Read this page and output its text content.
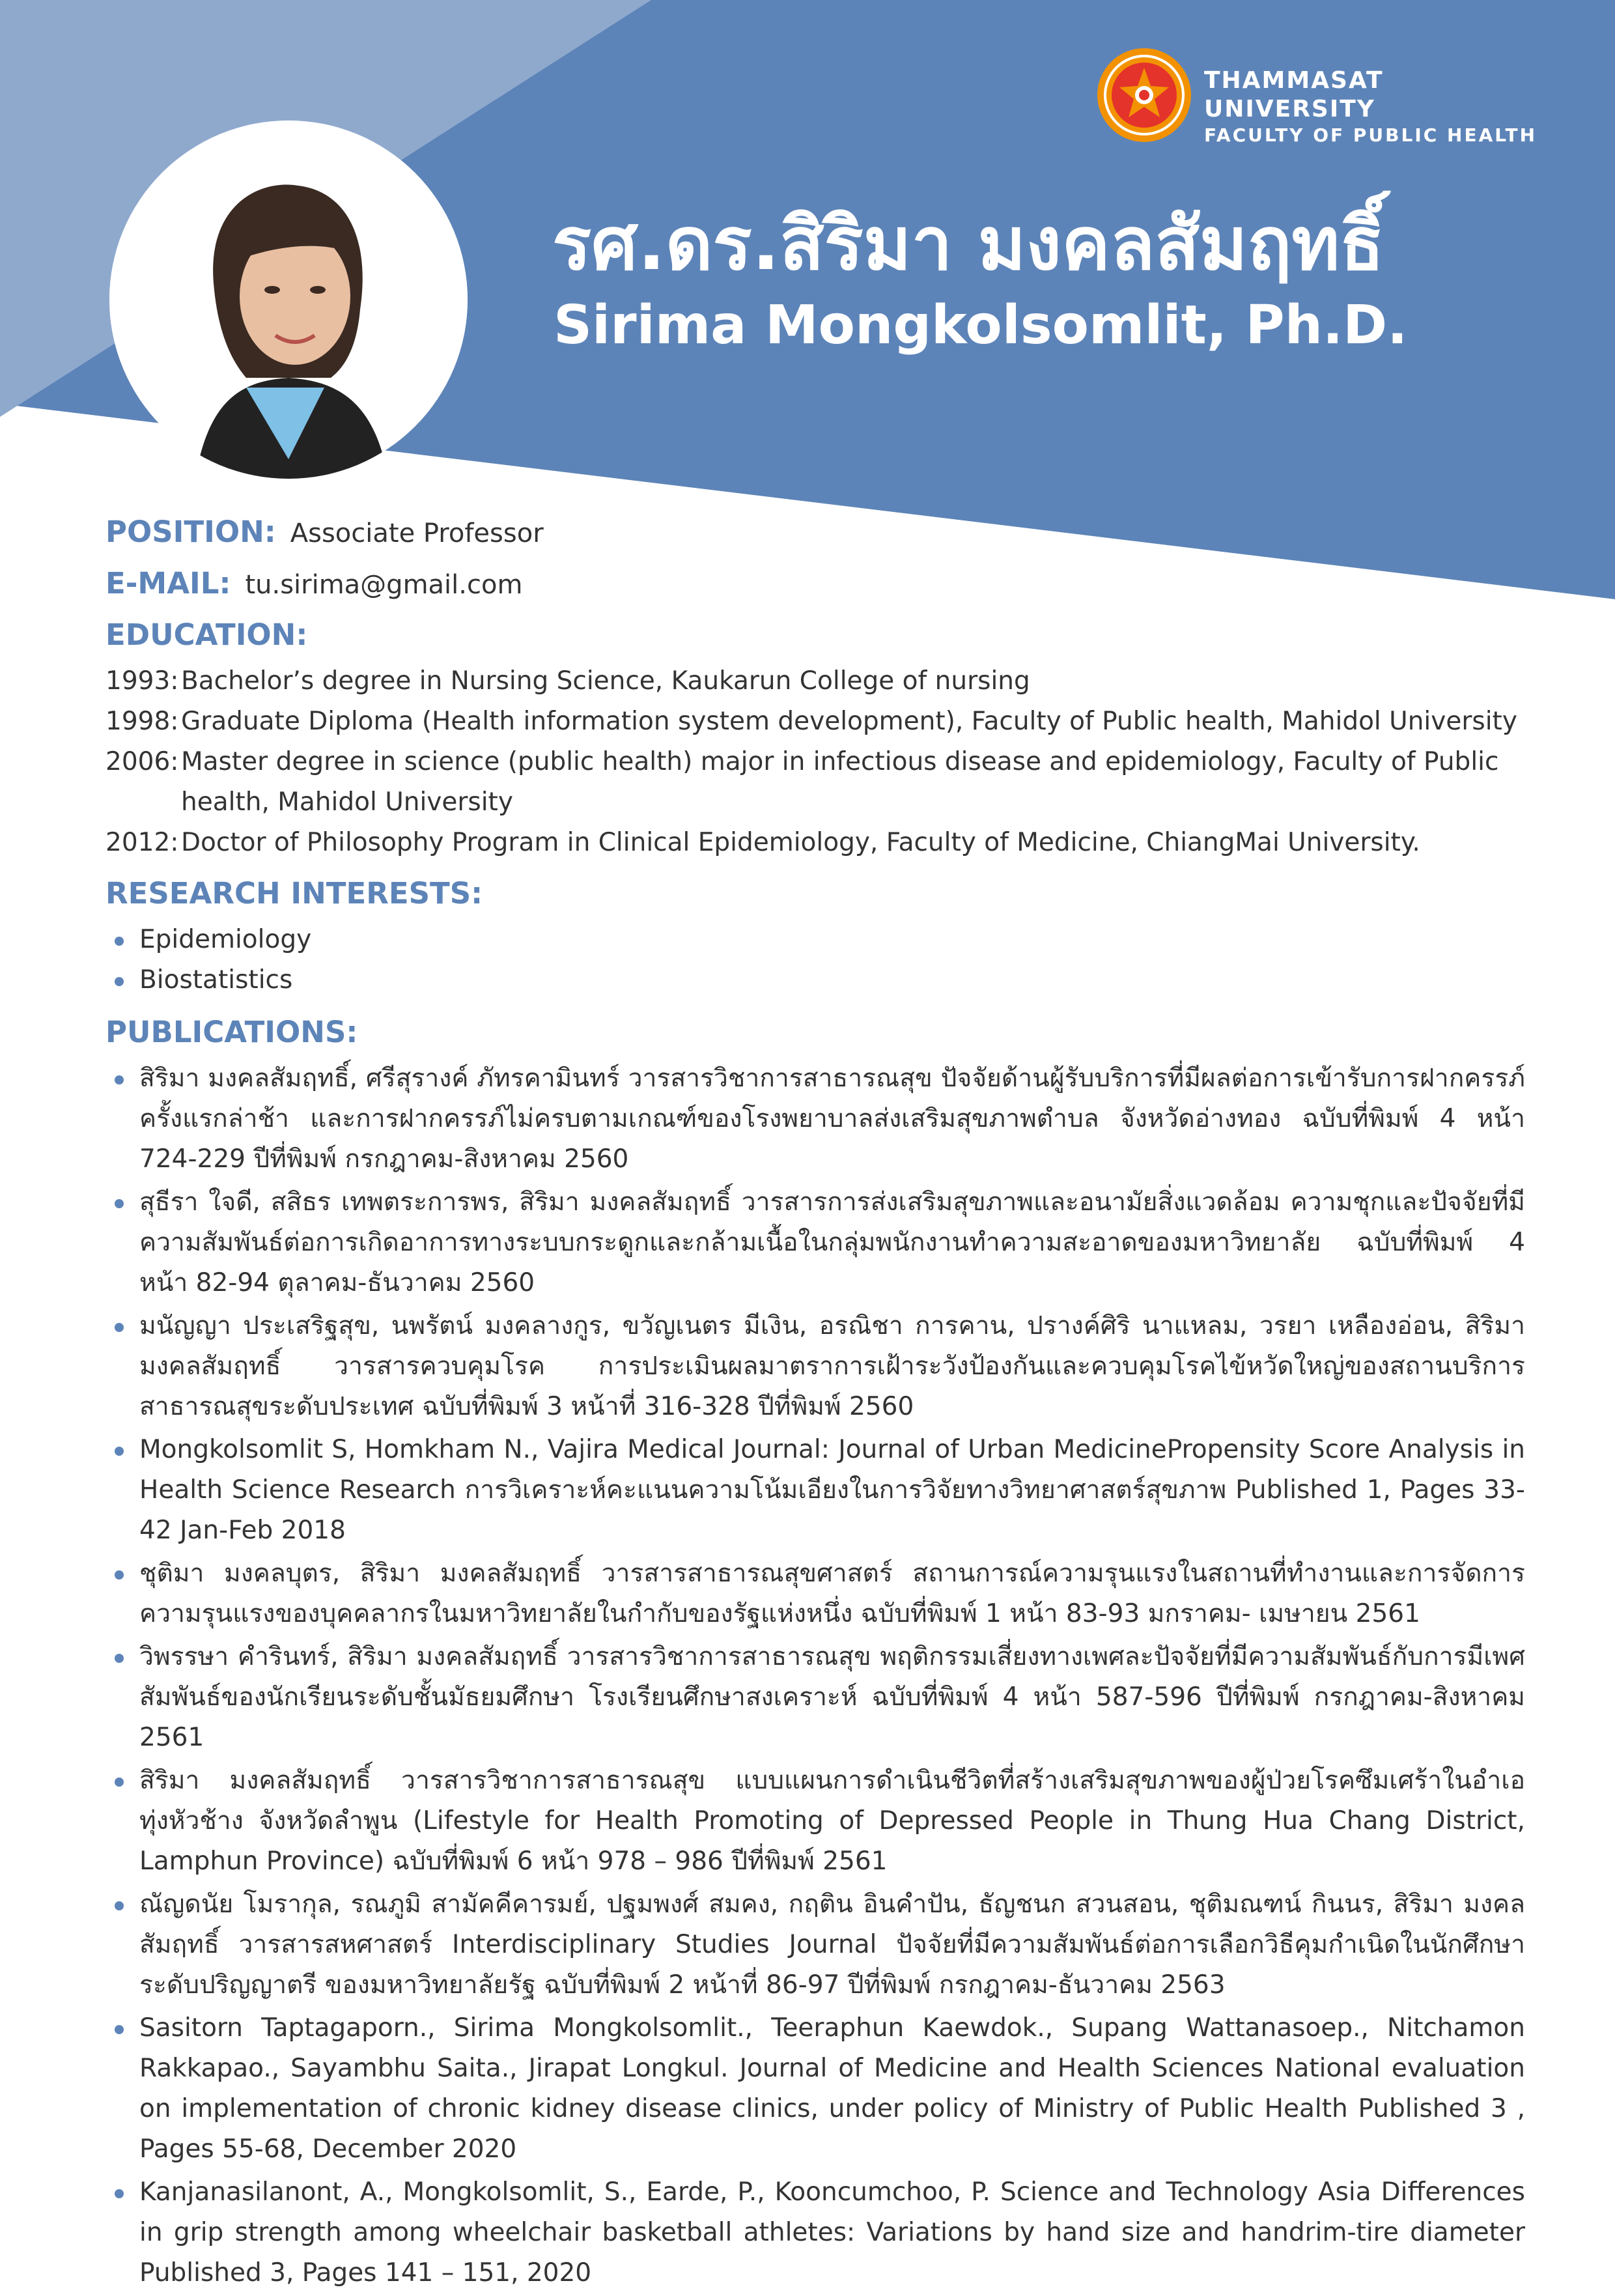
THAMMASAT UNIVERSITY
FACULTY OF PUBLIC HEALTH
รศ.ดร.สิริมา มงคลสัมฤทธิ์
Sirima Mongkolsomlit, Ph.D.
POSITION: Associate Professor
E-MAIL: tu.sirima@gmail.com
EDUCATION:
1993: Bachelor’s degree in Nursing Science, Kaukarun College of nursing
1998: Graduate Diploma (Health information system development), Faculty of Public health, Mahidol University
2006: Master degree in science (public health) major in infectious disease and epidemiology, Faculty of Public health, Mahidol University
2012: Doctor of Philosophy Program in Clinical Epidemiology, Faculty of Medicine, ChiangMai University.
RESEARCH INTERESTS:
Epidemiology
Biostatistics
PUBLICATIONS:
สิริมา มงคลสัมฤทธิ์, ศรีสุรางค์ ภัทรคามินทร์ วารสารวิชาการสาธารณสุข ปัจจัยด้านผู้รับบริการที่มีผลต่อการเข้ารับการฝากครรภ์ครั้งแรกล่าช้า และการฝากครรภ์ไม่ครบตามเกณฑ์ของโรงพยาบาลส่งเสริมสุขภาพตำบล จังหวัดอ่างทอง ฉบับที่พิมพ์ 4 หน้า 724-229 ปีที่พิมพ์ กรกฎาคม-สิงหาคม 2560
สุธีรา ใจดี, สสิธร เทพตระการพร, สิริมา มงคลสัมฤทธิ์ วารสารการส่งเสริมสุขภาพและอนามัยสิ่งแวดล้อม ความชุกและปัจจัยที่มีความสัมพันธ์ต่อการเกิดอาการทางระบบกระดูกและกล้ามเนื้อในกลุ่มพนักงานทำความสะอาดของมหาวิทยาลัย ฉบับที่พิมพ์ 4 หน้า 82-94 ตุลาคม-ธันวาคม 2560
มนัญญา ประเสริฐสุข, นพรัตน์ มงคลางกูร, ขวัญเนตร มีเงิน, อรณิชา การคาน, ปรางค์ศิริ นาแหลม, วรยา เหลืองอ่อน, สิริมา มงคลสัมฤทธิ์ วารสารควบคุมโรค การประเมินผลมาตราการเฝ้าระวังป้องกันและควบคุมโรคไข้หวัดใหญ่ของสถานบริการสาธารณสุขระดับประเทศ ฉบับที่พิมพ์ 3 หน้าที่ 316-328 ปีที่พิมพ์ 2560
Mongkolsomlit S, Homkham N., Vajira Medical Journal: Journal of Urban MedicinePropensity Score Analysis in Health Science Research การวิเคราะห์คะแนนความโน้มเอียงในการวิจัยทางวิทยาศาสตร์สุขภาพ Published 1, Pages 33-42 Jan-Feb 2018
ชุติมา มงคลบุตร, สิริมา มงคลสัมฤทธิ์ วารสารสาธารณสุขศาสตร์ สถานการณ์ความรุนแรงในสถานที่ทำงานและการจัดการความรุนแรงของบุคคลากรในมหาวิทยาลัยในกำกับของรัฐแห่งหนึ่ง ฉบับที่พิมพ์ 1 หน้า 83-93 มกราคม- เมษายน 2561
วิพรรษา คำรินทร์, สิริมา มงคลสัมฤทธิ์ วารสารวิชาการสาธารณสุข พฤติกรรมเสี่ยงทางเพศละปัจจัยที่มีความสัมพันธ์กับการมีเพศสัมพันธ์ของนักเรียนระดับชั้นมัธยมศึกษา โรงเรียนศึกษาสงเคราะห์ ฉบับที่พิมพ์ 4 หน้า 587-596 ปีที่พิมพ์ กรกฎาคม-สิงหาคม 2561
สิริมา มงคลสัมฤทธิ์ วารสารวิชาการสาธารณสุข แบบแผนการดำเนินชีวิตที่สร้างเสริมสุขภาพของผู้ป่วยโรคซึมเศร้าในอำเอทุ่งหัวช้าง จังหวัดลำพูน (Lifestyle for Health Promoting of Depressed People in Thung Hua Chang District, Lamphun Province) ฉบับที่พิมพ์ 6 หน้า 978 – 986 ปีที่พิมพ์ 2561
ณัญดนัย โมรากุล, รณภูมิ สามัคคีคารมย์, ปฐมพงศ์ สมคง, กฤติน อินคำปัน, ธัญชนก สวนสอน, ชุติมณฑน์ กินนร, สิริมา มงคลสัมฤทธิ์ วารสารสหศาสตร์ Interdisciplinary Studies Journal ปัจจัยที่มีความสัมพันธ์ต่อการเลือกวิธีคุมกำเนิดในนักศึกษาระดับปริญญาตรี ของมหาวิทยาลัยรัฐ ฉบับที่พิมพ์ 2 หน้าที่ 86-97 ปีที่พิมพ์ กรกฎาคม-ธันวาคม 2563
Sasitorn Taptagaporn., Sirima Mongkolsomlit., Teeraphun Kaewdok., Supang Wattanasoep., Nitchamon Rakkapao., Sayambhu Saita., Jirapat Longkul. Journal of Medicine and Health Sciences National evaluation on implementation of chronic kidney disease clinics, under policy of Ministry of Public Health Published 3 , Pages 55-68, December 2020
Kanjanasilanont, A., Mongkolsomlit, S., Earde, P., Kooncumchoo, P. Science and Technology Asia Differences in grip strength among wheelchair basketball athletes: Variations by hand size and handrim-tire diameter Published 3, Pages 141 – 151, 2020
